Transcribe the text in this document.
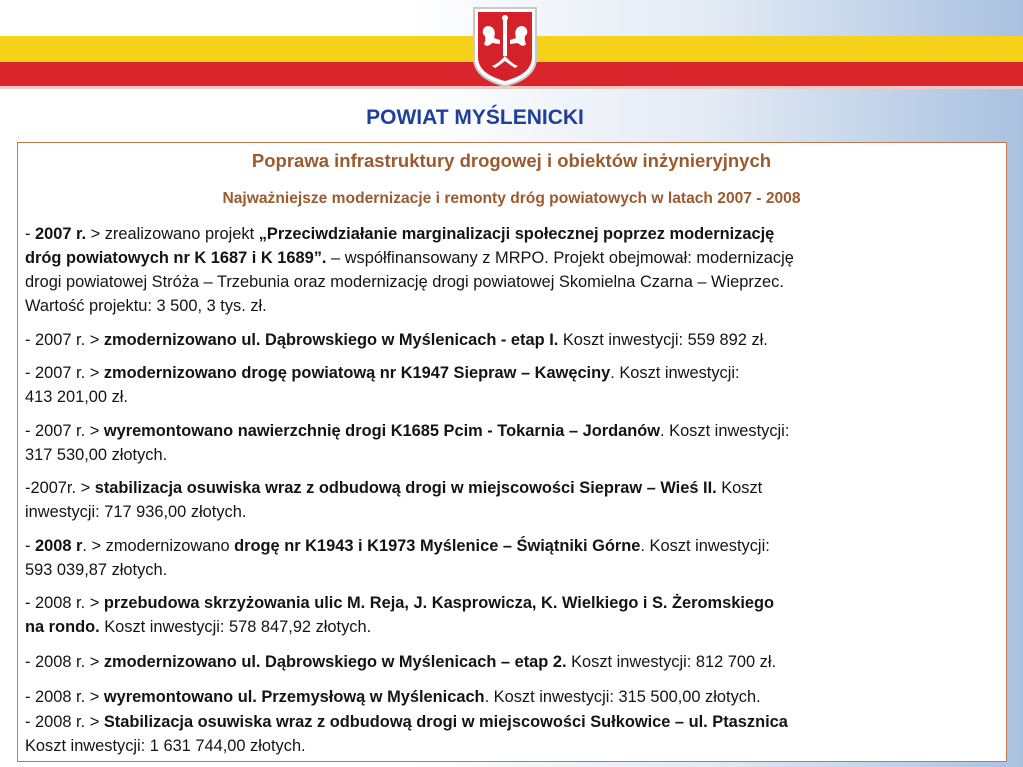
POWIAT MYŚLENICKI
Poprawa infrastruktury drogowej i obiektów inżynieryjnych
Najważniejsze modernizacje i remonty dróg powiatowych w latach 2007 - 2008
- 2007 r. > zrealizowano projekt „Przeciwdziałanie marginalizacji społecznej poprzez modernizację
dróg powiatowych nr K 1687 i K 1689”. – współfinansowany z MRPO. Projekt obejmował: modernizację
drogi powiatowej Stróża – Trzebunia oraz modernizację drogi powiatowej Skomielna Czarna – Wieprzec.
Wartość projektu: 3 500, 3 tys. zł.
- 2007 r. > zmodernizowano ul. Dąbrowskiego w Myślenicach - etap I. Koszt inwestycji: 559 892 zł.
- 2007 r. > zmodernizowano drogę powiatową nr K1947 Siepraw – Kawęciny. Koszt inwestycji:
413 201,00 zł.
- 2007 r. > wyremontowano nawierzchnię drogi K1685 Pcim - Tokarnia – Jordanów. Koszt inwestycji:
317 530,00 złotych.
-2007r. > stabilizacja osuwiska wraz z odbudową drogi w miejscowości Siepraw – Wieś II. Koszt
inwestycji: 717 936,00 złotych.
- 2008 r. > zmodernizowano drogę nr K1943 i K1973 Myślenice – Świątniki Górne. Koszt inwestycji:
593 039,87 złotych.
- 2008 r. > przebudowa skrzyżowania ulic M. Reja, J. Kasprowicza, K. Wielkiego i S. Żeromskiego
na rondo. Koszt inwestycji: 578 847,92 złotych.
- 2008 r. > zmodernizowano ul. Dąbrowskiego w Myślenicach – etap 2. Koszt inwestycji: 812 700 zł.
- 2008 r. > wyremontowano ul. Przemysłową w Myślenicach. Koszt inwestycji: 315 500,00 złotych.
- 2008 r. > Stabilizacja osuwiska wraz z odbudową drogi w miejscowości Sułkowice – ul. Ptasznica
Koszt inwestycji: 1 631 744,00 złotych.
